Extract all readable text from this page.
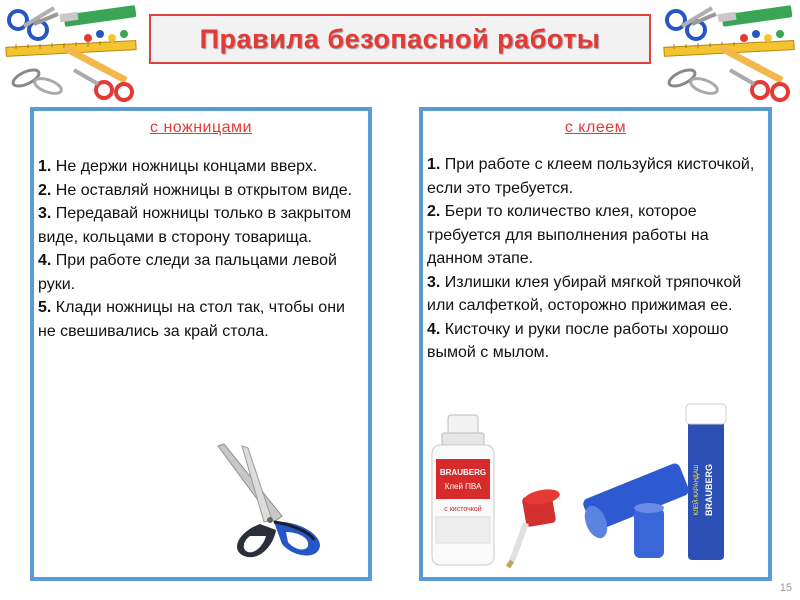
Правила безопасной работы
с ножницами
1. Не держи ножницы концами вверх.
2. Не оставляй ножницы в открытом виде.
3. Передавай ножницы только в закрытом виде, кольцами в сторону товарища.
4. При работе следи за пальцами левой руки.
5. Клади ножницы на стол так, чтобы они не свешивались за край стола.
с клеем
1. При работе с клеем пользуйся кисточкой, если это требуется.
2. Бери то количество клея, которое требуется для выполнения работы на данном этапе.
3. Излишки клея убирай мягкой тряпочкой или салфеткой, осторожно прижимая ее.
4. Кисточку и руки после работы хорошо вымой с мылом.
BRAUBERG
Клей ПВА
с кисточкой	BRAUBERG
КЛЕЙ-КАРАНДАШ
15
